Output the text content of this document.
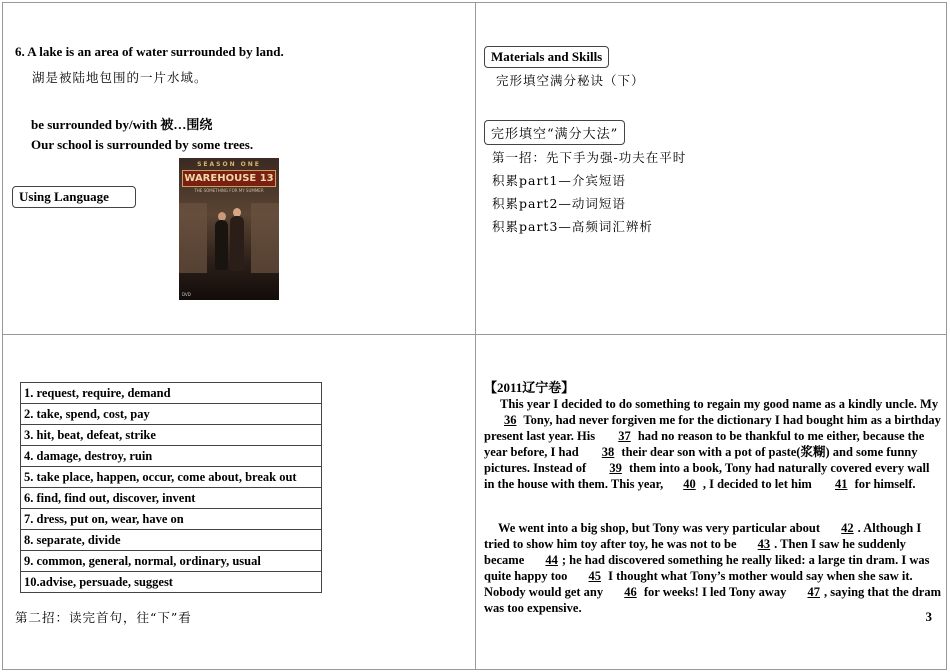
6. A lake is an area of water surrounded by land.
湖是被陆地包围的一片水域。
be surrounded by/with 被…围绕
Our school is surrounded by some trees.
Using Language
SEASON ONE
WAREHOUSE 13
THE SOMETHING FOR MY SUMMER
DVD
Materials and Skills
完形填空满分秘诀（下）
完形填空“满分大法”
第一招：先下手为强-功夫在平时
积累part1—介宾短语
积累part2—动词短语
积累part3—高频词汇辨析
1. request, require, demand
2. take, spend, cost, pay
3. hit, beat, defeat, strike
4. damage, destroy, ruin
5. take place, happen, occur, come about, break out
6. find, find out, discover, invent
7. dress, put on, wear, have on
8. separate, divide
9. common, general, normal, ordinary, usual
10.advise, persuade, suggest
第二招：读完首句，往“下”看
【2011辽宁卷】
This year I decided to do something to regain my good name as a kindly uncle. My 36 Tony, had never forgiven me for the dictionary I had bought him as a birthday present last year. His 37 had no reason to be thankful to me either, because the year before, I had 38 their dear son with a pot of paste(浆糊) and some funny pictures. Instead of 39 them into a book, Tony had naturally covered every wall in the house with them. This year, 40 , I decided to let him 41 for himself.
We went into a big shop, but Tony was very particular about 42 . Although I tried to show him toy after toy, he was not to be 43 . Then I saw he suddenly became 44 ; he had discovered something he really liked: a large tin dram. I was quite happy too 45 I thought what Tony’s mother would say when she saw it. Nobody would get any 46 for weeks! I led Tony away 47 , saying that the dram was too expensive.
3
